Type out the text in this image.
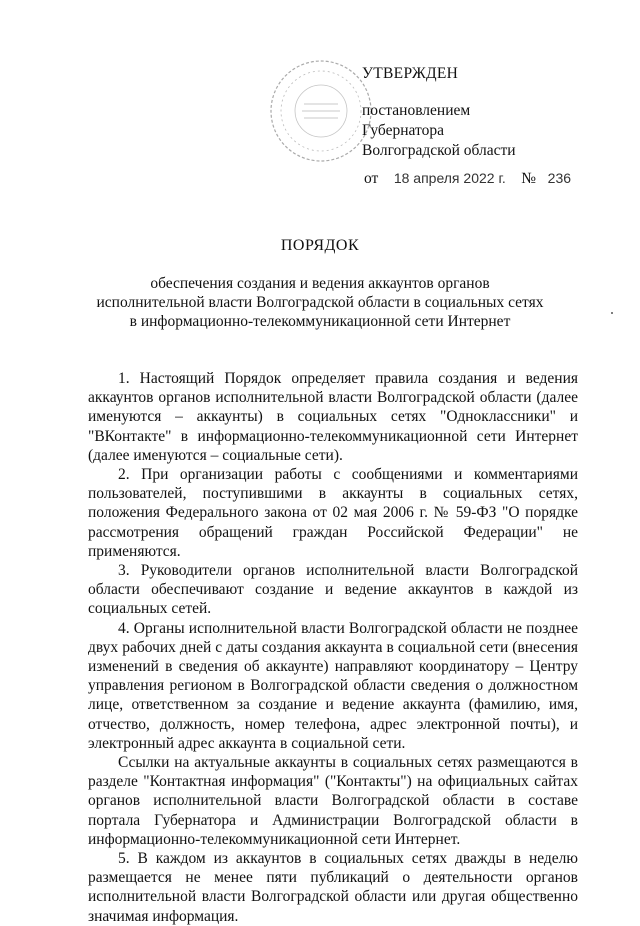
УТВЕРЖДЕН
постановлением
Губернатора
Волгоградской области
от 18 апреля 2022 г. № 236
ПОРЯДОК
обеспечения создания и ведения аккаунтов органов
исполнительной власти Волгоградской области в социальных сетях
в информационно-телекоммуникационной сети Интернет

1. Настоящий Порядок определяет правила создания и ведения аккаунтов органов исполнительной власти Волгоградской области (далее именуются – аккаунты) в социальных сетях "Одноклассники" и "ВКонтакте" в информационно-телекоммуникационной сети Интернет (далее именуются – социальные сети).

2. При организации работы с сообщениями и комментариями пользователей, поступившими в аккаунты в социальных сетях, положения Федерального закона от 02 мая 2006 г. № 59-ФЗ "О порядке рассмотрения обращений граждан Российской Федерации" не применяются.

3. Руководители органов исполнительной власти Волгоградской области обеспечивают создание и ведение аккаунтов в каждой из социальных сетей.

4. Органы исполнительной власти Волгоградской области не позднее двух рабочих дней с даты создания аккаунта в социальной сети (внесения изменений в сведения об аккаунте) направляют координатору – Центру управления регионом в Волгоградской области сведения о должностном лице, ответственном за создание и ведение аккаунта (фамилию, имя, отчество, должность, номер телефона, адрес электронной почты), и электронный адрес аккаунта в социальной сети.

Ссылки на актуальные аккаунты в социальных сетях размещаются в разделе "Контактная информация" ("Контакты") на официальных сайтах органов исполнительной власти Волгоградской области в составе портала Губернатора и Администрации Волгоградской области в информационно-телекоммуникационной сети Интернет.

5. В каждом из аккаунтов в социальных сетях дважды в неделю размещается не менее пяти публикаций о деятельности органов исполнительной власти Волгоградской области или другая общественно значимая информация.
